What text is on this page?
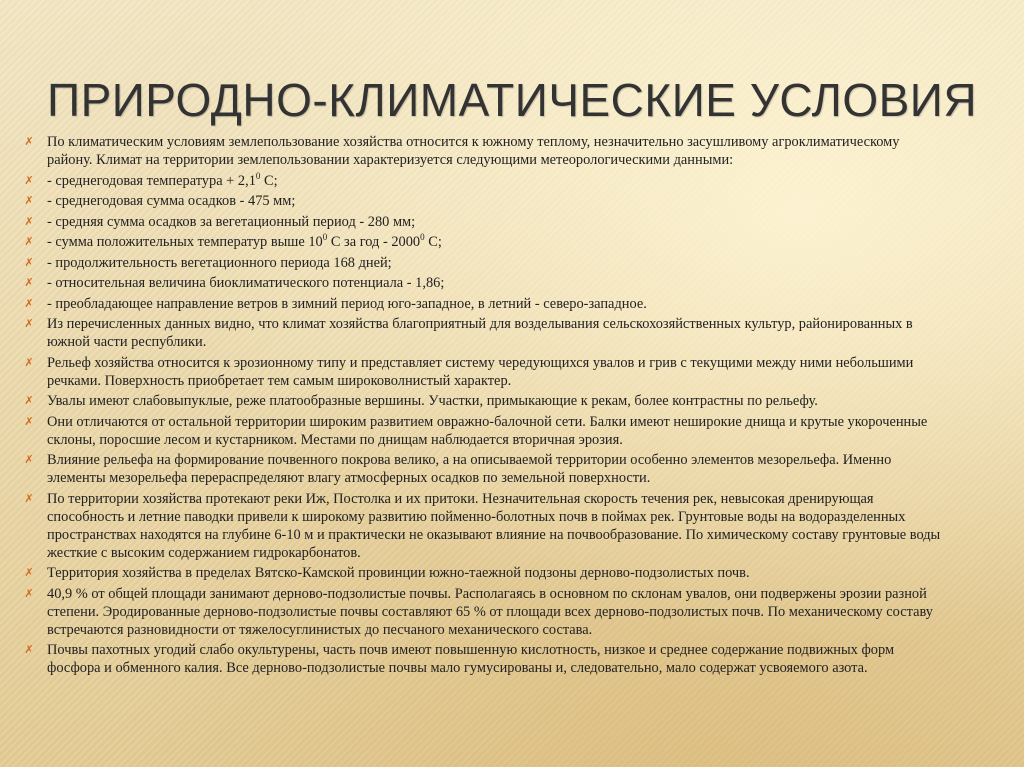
ПРИРОДНО-КЛИМАТИЧЕСКИЕ УСЛОВИЯ
✗ По климатическим условиям землепользование хозяйства относится к южному теплому, незначительно засушливому агроклиматическому району. Климат на территории землепользовании характеризуется следующими метеорологическими данными:
✗ - среднегодовая температура + $2,1^0$ С;
✗ - среднегодовая сумма осадков - 475 мм;
✗ - средняя сумма осадков за вегетационный период - 280 мм;
✗ - сумма положительных температур выше $10^0$ С за год - 2000$^0$ С;
✗ - продолжительность вегетационного периода 168 дней;
✗ - относительная величина биоклиматического потенциала - 1,86;
✗ - преобладающее направление ветров в зимний период юго-западное, в летний - северо-западное.
✗ Из перечисленных данных видно, что климат хозяйства благоприятный для возделывания сельскохозяйственных культур, районированных в южной части республики.
✗ Рельеф хозяйства относится к эрозионному типу и представляет систему чередующихся увалов и грив с текущими между ними небольшими речками. Поверхность приобретает тем самым широковолнистый характер.
✗ Увалы имеют слабовыпуклые, реже платообразные вершины. Участки, примыкающие к рекам, более контрастны по рельефу.
✗ Они отличаются от остальной территории широким развитием овражно-балочной сети. Балки имеют неширокие днища и крутые укороченные склоны, поросшие лесом и кустарником. Местами по днищам наблюдается вторичная эрозия.
✗ Влияние рельефа на формирование почвенного покрова велико, а на описываемой территории особенно элементов мезорельефа. Именно элементы мезорельефа перераспределяют влагу атмосферных осадков по земельной поверхности.
✗ По территории хозяйства протекают реки Иж, Постолка и их притоки. Незначительная скорость течения рек, невысокая дренирующая способность и летние паводки привели к широкому развитию пойменно-болотных почв в поймах рек. Грунтовые воды на водоразделенных пространствах находятся на глубине 6-10 м и практически не оказывают влияние на почвообразование. По химическому составу грунтовые воды жесткие с высоким содержанием гидрокарбонатов.
✗ Территория хозяйства в пределах Вятско-Камской провинции южно-таежной подзоны дерново-подзолистых почв.
✗ 40,9 % от общей площади занимают дерново-подзолистые почвы. Располагаясь в основном по склонам увалов, они подвержены эрозии разной степени. Эродированные дерново-подзолистые почвы составляют 65 % от площади всех дерново-подзолистых почв. По механическому составу встречаются разновидности от тяжелосуглинистых до песчаного механического состава.
✗ Почвы пахотных угодий слабо окультурены, часть почв имеют повышенную кислотность, низкое и среднее содержание подвижных форм фосфора и обменного калия. Все дерново-подзолистые почвы мало гумусированы и, следовательно, мало содержат усвояемого азота.
